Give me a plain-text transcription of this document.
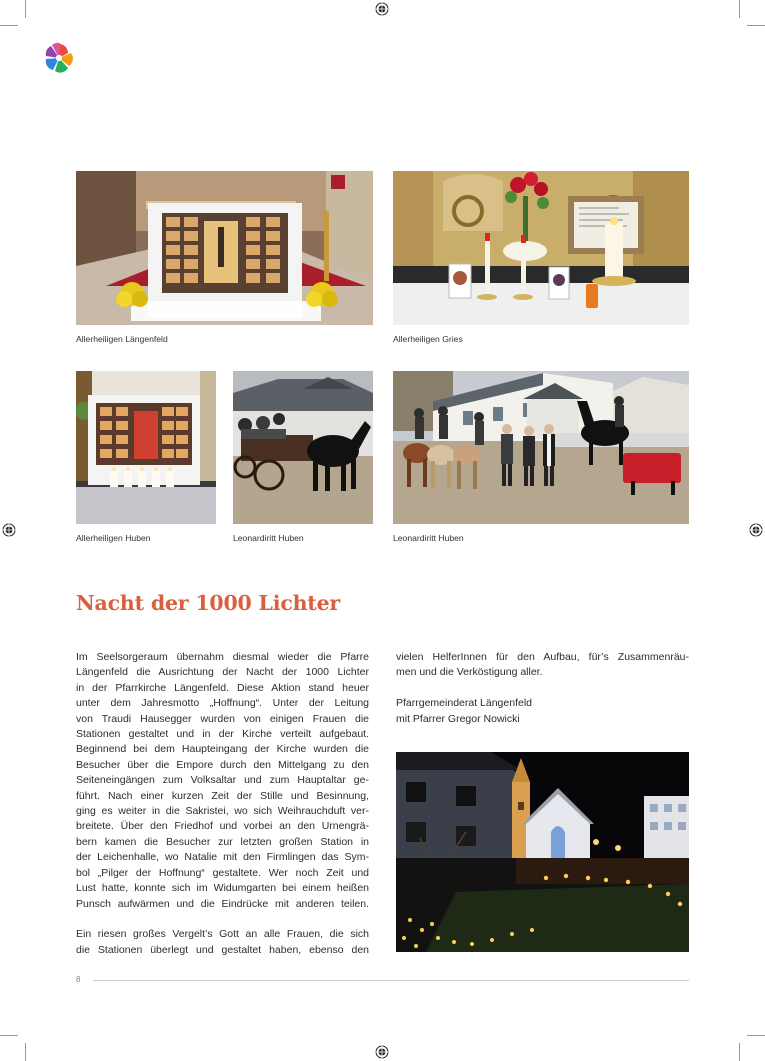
Allerheiligen Längenfeld	Allerheiligen Gries
Allerheiligen Huben	Leonardiritt Huben	Leonardiritt Huben
Nacht der 1000 Lichter

Im Seelsorgeraum übernahm diesmal wieder die Pfarre

Längenfeld die Ausrichtung der Nacht der 1000 Lichter

in der Pfarrkirche Längenfeld. Diese Aktion stand heuer

unter dem Jahresmotto „Hoffnung“. Unter der Leitung

von Traudi Hausegger wurden von einigen Frauen die

Stationen gestaltet und in der Kirche verteilt aufgebaut.

Beginnend bei dem Haupteingang der Kirche wurden die

Besucher über die Empore durch den Mittelgang zu den

Seiteneingängen zum Volksaltar und zum Hauptaltar ge-

führt. Nach einer kurzen Zeit der Stille und Besinnung,

ging es weiter in die Sakristei, wo sich Weihrauchduft ver-

breitete. Über den Friedhof und vorbei an den Urnengrä-

bern kamen die Besucher zur letzten großen Station in

der Leichenhalle, wo Natalie mit den Firmlingen das Sym-

bol „Pilger der Hoffnung“ gestaltete. Wer noch Zeit und

Lust hatte, konnte sich im Widumgarten bei einem heißen

Punsch aufwärmen und die Eindrücke mit anderen teilen.

Ein riesen großes Vergelt’s Gott an alle Frauen, die sich

die Stationen überlegt und gestaltet haben, ebenso den

vielen HelferInnen für den Aufbau, für’s Zusammenräu-

men und die Verköstigung aller.

Pfarrgemeinderat Längenfeld

mit Pfarrer Gregor Nowicki

8
